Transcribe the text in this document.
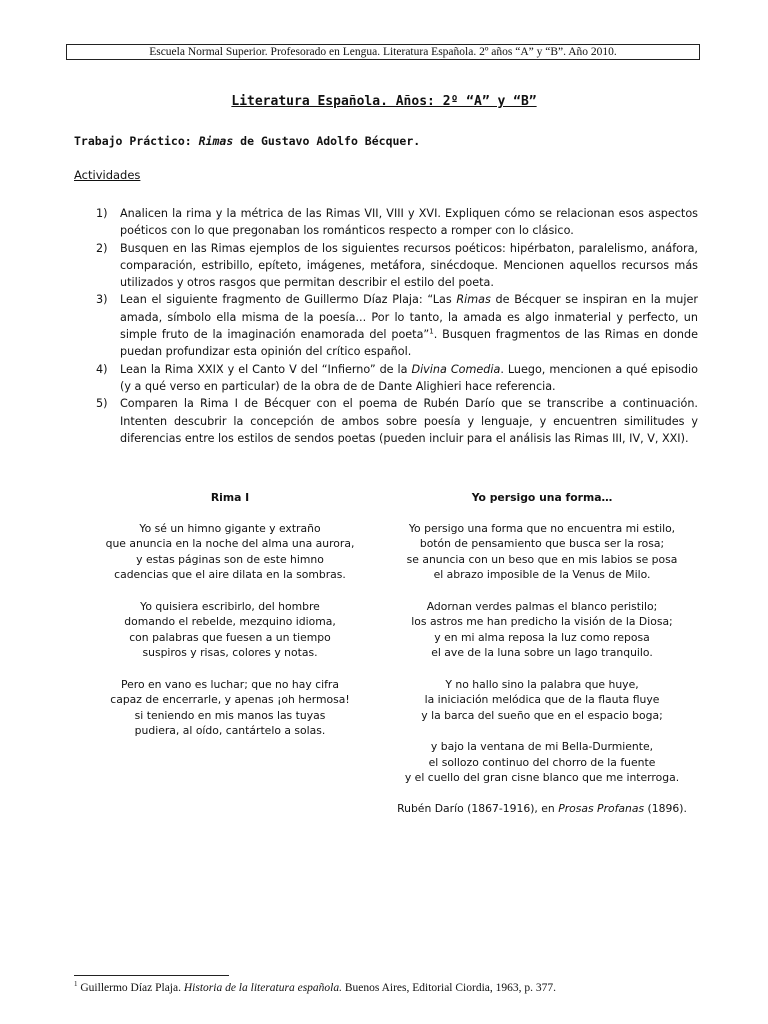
Escuela Normal Superior. Profesorado en Lengua. Literatura Española. 2º años “A” y “B”. Año 2010.
Literatura Española. Años: 2º “A” y “B”
Trabajo Práctico: Rimas de Gustavo Adolfo Bécquer.
Actividades
1) Analicen la rima y la métrica de las Rimas VII, VIII y XVI. Expliquen cómo se relacionan esos aspectos poéticos con lo que pregonaban los románticos respecto a romper con lo clásico.
2) Busquen en las Rimas ejemplos de los siguientes recursos poéticos: hipérbaton, paralelismo, anáfora, comparación, estribillo, epíteto, imágenes, metáfora, sinécdoque. Mencionen aquellos recursos más utilizados y otros rasgos que permitan describir el estilo del poeta.
3) Lean el siguiente fragmento de Guillermo Díaz Plaja: “Las Rimas de Bécquer se inspiran en la mujer amada, símbolo ella misma de la poesía... Por lo tanto, la amada es algo inmaterial y perfecto, un simple fruto de la imaginación enamorada del poeta”$^1$. Busquen fragmentos de las Rimas en donde puedan profundizar esta opinión del crítico español.
4) Lean la Rima XXIX y el Canto V del “Infierno” de la Divina Comedia. Luego, mencionen a qué episodio (y a qué verso en particular) de la obra de de Dante Alighieri hace referencia.
5) Comparen la Rima I de Bécquer con el poema de Rubén Darío que se transcribe a continuación. Intenten descubrir la concepción de ambos sobre poesía y lenguaje, y encuentren similitudes y diferencias entre los estilos de sendos poetas (pueden incluir para el análisis las Rimas III, IV, V, XXI).
Rima I
Yo sé un himno gigante y extraño
que anuncia en la noche del alma una aurora,
y estas páginas son de este himno
cadencias que el aire dilata en la sombras.
Yo quisiera escribirlo, del hombre
domando el rebelde, mezquino idioma,
con palabras que fuesen a un tiempo
suspiros y risas, colores y notas.
Pero en vano es luchar; que no hay cifra
capaz de encerrarle, y apenas ¡oh hermosa!
si teniendo en mis manos las tuyas
pudiera, al oído, cantártelo a solas.
Yo persigo una forma…
Yo persigo una forma que no encuentra mi estilo,
botón de pensamiento que busca ser la rosa;
se anuncia con un beso que en mis labios se posa
el abrazo imposible de la Venus de Milo.
Adornan verdes palmas el blanco peristilo;
los astros me han predicho la visión de la Diosa;
y en mi alma reposa la luz como reposa
el ave de la luna sobre un lago tranquilo.
Y no hallo sino la palabra que huye,
la iniciación melódica que de la flauta fluye
y la barca del sueño que en el espacio boga;
y bajo la ventana de mi Bella-Durmiente,
el sollozo continuo del chorro de la fuente
y el cuello del gran cisne blanco que me interroga.
Rubén Darío (1867-1916), en Prosas Profanas (1896).
$^1$ Guillermo Díaz Plaja. Historia de la literatura española. Buenos Aires, Editorial Ciordia, 1963, p. 377.
